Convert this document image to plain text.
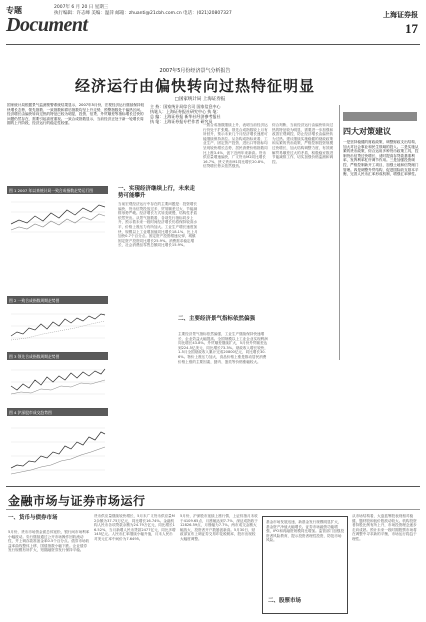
专题
Document
2007年 6 月 20 日 星期三
执行编辑：许志峰 美编：温萍 邮箱：zhuanti@21cbh.com.cn 电话：(021)20807327	上海证券报
17
2007年5月份经济景气分析报告
经济运行由偏快转向过热特征明显
□国家统计局 上海证券报
主 持：国家统计局综合司 国家信息中心
执笔人：上海证券报社研究中心 执 笔：
总 编：上海证券报 新华社经济参考报社
执 笔：上海证券报专栏作者 研究员
国家统计局根据景气监测预警系统结果显示，2007年5月份，宏观经济运行继续保持较快增长态势，领先指数、一致指数和滞后指数均呈上升走势，预警指数处于偏热区间。经济增长由偏快转向过热的特征已较为明显，投资、信贷、外贸顺差等指标增长过快的问题仍然存在，需要引起高度重视。一致合成指数显示，当前经济正处于新一轮增长周期的上升阶段，经济运行的稳定性较强。
图 1 2007 年以来统计局一致合成指数走势运行图
图 2 一致合成指数周期走势图
图 3 领先合成指数周期走势图
图 4 沪深股市成交趋势图
一、实现经济继续上行，未来走势可能攀升
当前宏观经济运行中存在的主要问题是：投资增长偏快，货币信贷投放过多，贸易顺差过大，节能减排形势严峻。经济增长方式转变缓慢，结构性矛盾依然突出。从景气指数看，各项先行指标同步上升，预示着未来一段时间经济增长仍将保持较高水平，价格上涨压力有所加大。工业生产增长速度加快，规模以上工业增加值同比增长18.1%，比上月加快0.7个百分点。固定资产投资增速反弹，城镇固定资产投资同比增长25.9%。消费需求稳定增长，社会消费品零售总额同比增长15.9%。
一致合成指数继续上升，表明当前经济运行仍处于扩张期。领先合成指数较上月有所回升，预示未来几个月经济增长速度可能继续保持高位。从各构成指标来看，工业生产、固定资产投资、进出口等指标均呈现较快增长态势，居民消费价格指数同比上涨3.4%，创下近两年来新高。货币供应量增速偏快，广义货币M2同比增长16.7%，狭义货币M1同比增长20.8%，信贷增长势头依然强劲。
二、主要经济景气指标依然偏强
主要经济景气指标依然偏强，工业生产继续保持快速增长，企业效益大幅提高。全国规模以上工业企业实现利润同比增长43.8%。外贸顺差继续扩大，5月份外贸顺差达到224.5亿美元，同比增长73.3%。财政收入增长较快，1-5月全国财政收入累计完成20800亿元，同比增长30.6%。物价上涨压力加大，食品价格上涨是推动居民消费价格上涨的主要因素，猪肉、蛋类等价格涨幅较大。
综合判断，当前经济运行由偏快转向过热的特征较为明显，需要进一步加强和改善宏观调控，防止经济增长由偏快转为过热。建议继续实施稳健的财政政策和从紧的货币政策，严格控制投资规模过快增长，加大结构调整力度，有效缓解贸易顺差过大的矛盾，积极稳妥推进节能减排工作，切实加强价格监测和调控。
四大对策建议
一是坚持稳健的财政政策，调整财政支出结构，加大对社会事业和民生领域的投入。二是实施从紧的货币政策，综合运用多种货币政策工具，控制货币信贷过快增长，适时提高存贷款基准利率，发挥利率杠杆调节作用。三是加强投资调控，严格控制新开工项目，加强土地和信贷闸门管理。四是调整外贸结构，促进国际收支基本平衡，完善人民币汇率形成机制，增强汇率弹性。
金融市场与证券市场运行
一、货币与债券市场
5月份，货币市场资金面总体宽松，银行间市场利率小幅波动。央行继续通过公开市场操作回收流动性，并上调存款准备金率0.5个百分点。债券市场收益率曲线整体上移，国债指数小幅下跌。企业债券发行规模有所扩大，短期融资券发行保持平稳。
货币供应量继续较快增长，5月末广义货币供应量M2余额为37.75万亿元，同比增长16.74%。金融机构人民币各项贷款余额为24.79万亿元，同比增长16.52%，当月新增人民币贷款2477亿元，同比多增145亿元。人民币汇率继续小幅升值，月末人民币对美元汇率中间价为7.6495。
5月份，沪深股市延续上涨行情，上证综指月末收于4109.65点，月涨幅达到7.7%，深证成指收于12826.59点，月涨幅为7.7%。两市成交金额大幅放大，投资者开户数屡创新高。5月30日，财政部宣布上调证券交易印花税税率，股市出现较大幅度调整。
基金市场发展迅速，新基金发行规模明显扩大，基金资产净值大幅增长。证券市场融资功能增强，IPO和再融资规模同比增加。监管部门加强投资者风险教育，提示投资者理性投资，防范市场风险。
二、股票市场
从市场结构看，大盘蓝筹股表现相对稳健，题材股和低价股波动较大。机构投资者持股比例有所上升，市场投资理念逐步走向成熟。预计未来一段时期股票市场将在调整中寻求新的平衡，市场运行将趋于理性。
